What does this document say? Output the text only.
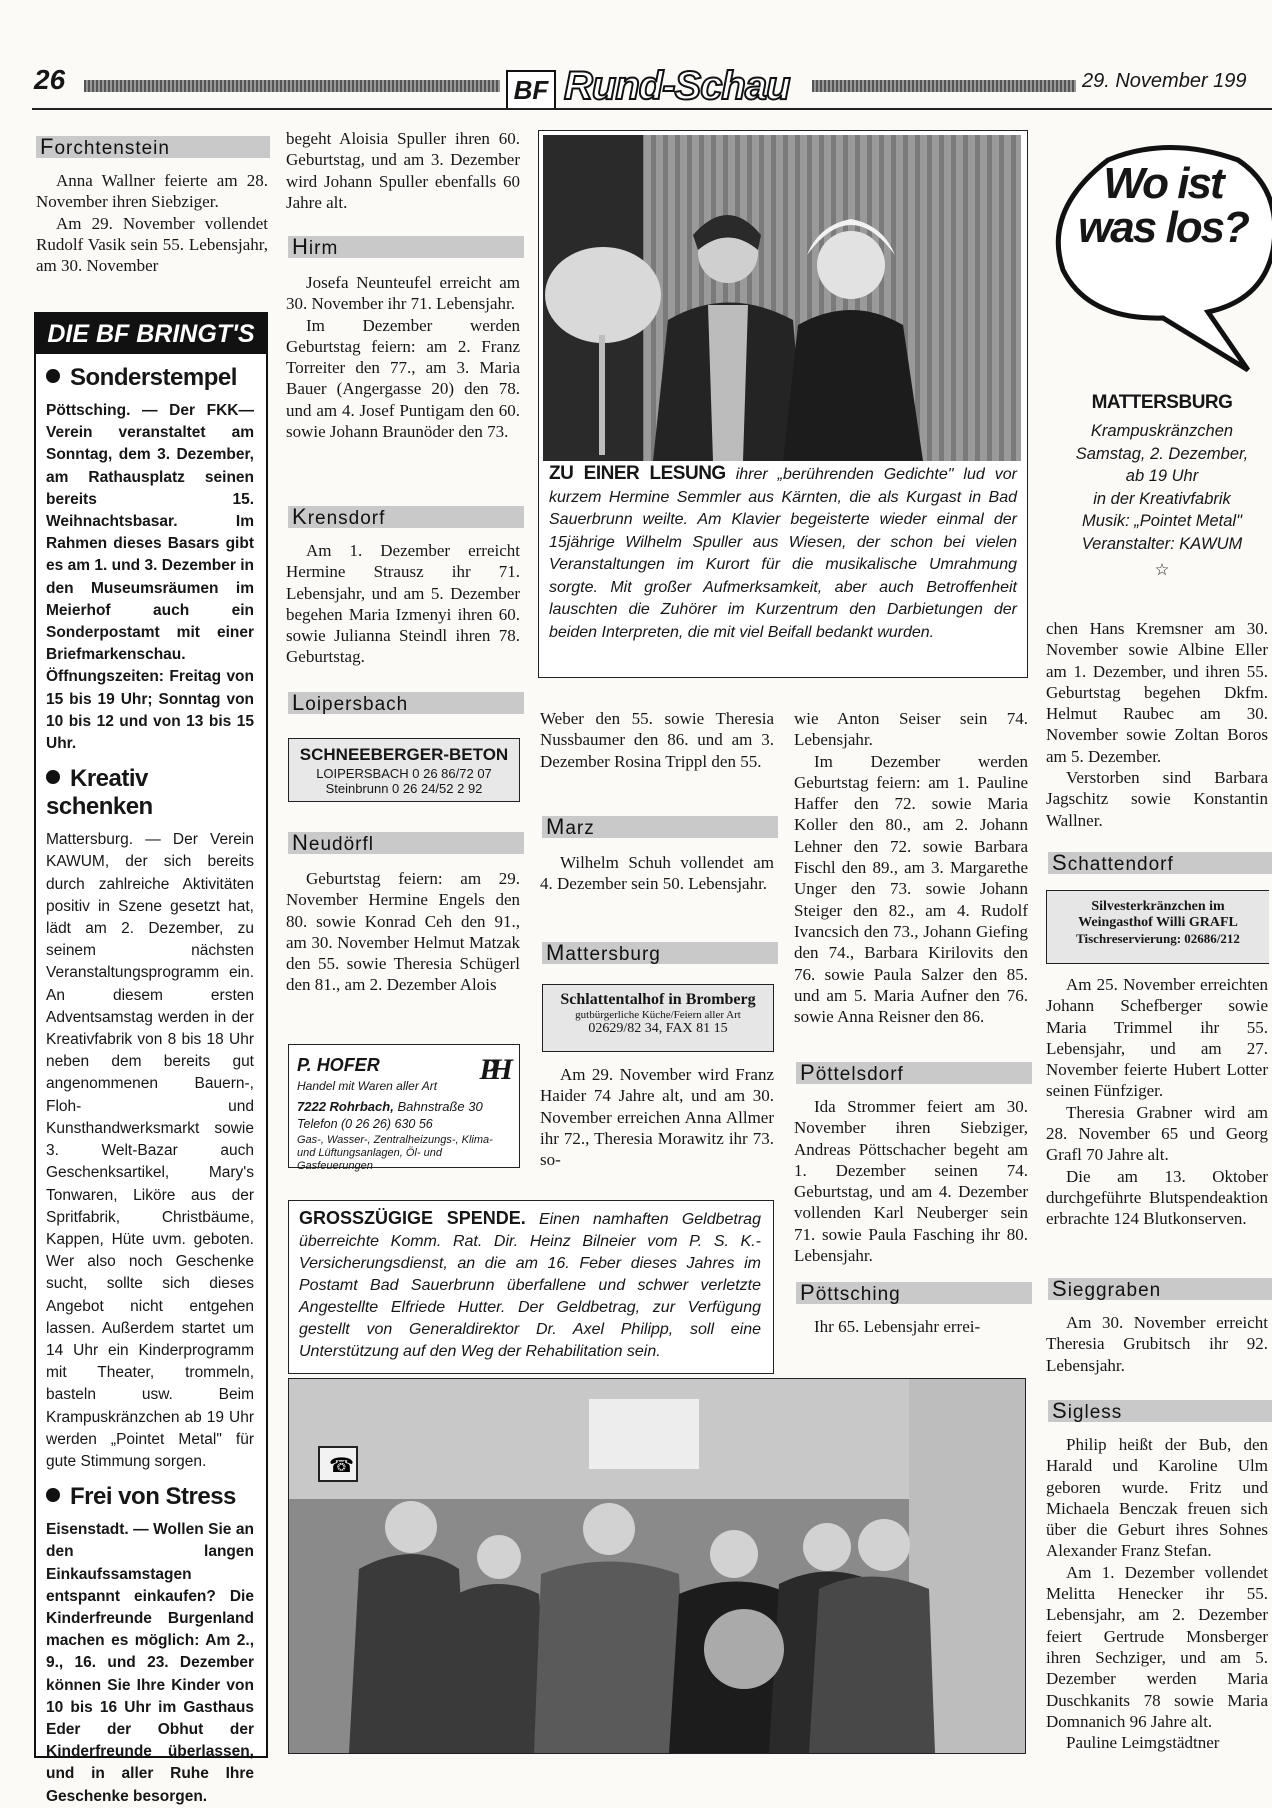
26	BF Rund-Schau	29. November 199
Forchtenstein

Anna Wallner feierte am 28. November ihren Siebziger.

Am 29. November vollendet Rudolf Vasik sein 55. Lebensjahr, am 30. November

DIE BF BRINGT'S
Sonderstempel

Pöttsching. — Der FKK—Verein veranstaltet am Sonntag, dem 3. Dezember, am Rathausplatz seinen bereits 15. Weihnachtsbasar. Im Rahmen dieses Basars gibt es am 1. und 3. Dezember in den Museumsräumen im Meierhof auch ein Sonderpostamt mit einer Briefmarkenschau. Öffnungszeiten: Freitag von 15 bis 19 Uhr; Sonntag von 10 bis 12 und von 13 bis 15 Uhr.

Kreativ schenken

Mattersburg. — Der Verein KAWUM, der sich bereits durch zahlreiche Aktivitäten positiv in Szene gesetzt hat, lädt am 2. Dezember, zu seinem nächsten Veranstaltungsprogramm ein. An diesem ersten Adventsamstag werden in der Kreativfabrik von 8 bis 18 Uhr neben dem bereits gut angenommenen Bauern-, Floh- und Kunsthandwerksmarkt sowie 3. Welt-Bazar auch Geschenksartikel, Mary's Tonwaren, Liköre aus der Spritfabrik, Christbäume, Kappen, Hüte uvm. geboten. Wer also noch Geschenke sucht, sollte sich dieses Angebot nicht entgehen lassen. Außerdem startet um 14 Uhr ein Kinderprogramm mit Theater, trommeln, basteln usw. Beim Krampuskränzchen ab 19 Uhr werden „Pointet Metal" für gute Stimmung sorgen.

Frei von Stress

Eisenstadt. — Wollen Sie an den langen Einkaufssamstagen entspannt einkaufen? Die Kinderfreunde Burgenland machen es möglich: Am 2., 9., 16. und 23. Dezember können Sie Ihre Kinder von 10 bis 16 Uhr im Gasthaus Eder der Obhut der Kinderfreunde überlassen, und in aller Ruhe Ihre Geschenke besorgen.

begeht Aloisia Spuller ihren 60. Geburtstag, und am 3. Dezember wird Johann Spuller ebenfalls 60 Jahre alt.

Hirm

Josefa Neunteufel erreicht am 30. November ihr 71. Lebensjahr.

Im Dezember werden Geburtstag feiern: am 2. Franz Torreiter den 77., am 3. Maria Bauer (Angergasse 20) den 78. und am 4. Josef Puntigam den 60. sowie Johann Braunöder den 73.

Krensdorf

Am 1. Dezember erreicht Hermine Strausz ihr 71. Lebensjahr, und am 5. Dezember begehen Maria Izmenyi ihren 60. sowie Julianna Steindl ihren 78. Geburtstag.

Loipersbach
SCHNEEBERGER-BETON
LOIPERSBACH 0 26 86/72 07
Steinbrunn 0 26 24/52 2 92
Neudörfl

Geburtstag feiern: am 29. November Hermine Engels den 80. sowie Konrad Ceh den 91., am 30. November Helmut Matzak den 55. sowie Theresia Schügerl den 81., am 2. Dezember Alois

P. HOFER	PH
Handel mit Waren aller Art
7222 Rohrbach, Bahnstraße 30
Telefon (0 26 26) 630 56
Gas-, Wasser-, Zentralheizungs-, Klima- und Lüftungsanlagen, Öl- und Gasfeuerungen
ZU EINER LESUNG ihrer „berührenden Gedichte" lud vor kurzem Hermine Semmler aus Kärnten, die als Kurgast in Bad Sauerbrunn weilte. Am Klavier begeisterte wieder einmal der 15jährige Wilhelm Spuller aus Wiesen, der schon bei vielen Veranstaltungen im Kurort für die musikalische Umrahmung sorgte. Mit großer Aufmerksamkeit, aber auch Betroffenheit lauschten die Zuhörer im Kurzentrum den Darbietungen der beiden Interpreten, die mit viel Beifall bedankt wurden.

Weber den 55. sowie Theresia Nussbaumer den 86. und am 3. Dezember Rosina Trippl den 55.

Marz

Wilhelm Schuh vollendet am 4. Dezember sein 50. Lebensjahr.

Mattersburg
Schlattentalhof in Bromberg
gutbürgerliche Küche/Feiern aller Art
02629/82 34, FAX 81 15

Am 29. November wird Franz Haider 74 Jahre alt, und am 30. November erreichen Anna Allmer ihr 72., Theresia Morawitz ihr 73. so-

wie Anton Seiser sein 74. Lebensjahr.

Im Dezember werden Geburtstag feiern: am 1. Pauline Haffer den 72. sowie Maria Koller den 80., am 2. Johann Lehner den 72. sowie Barbara Fischl den 89., am 3. Margarethe Unger den 73. sowie Johann Steiger den 82., am 4. Rudolf Ivancsich den 73., Johann Giefing den 74., Barbara Kirilovits den 76. sowie Paula Salzer den 85. und am 5. Maria Aufner den 76. sowie Anna Reisner den 86.

Pöttelsdorf

Ida Strommer feiert am 30. November ihren Siebziger, Andreas Pöttschacher begeht am 1. Dezember seinen 74. Geburtstag, und am 4. Dezember vollenden Karl Neuberger sein 71. sowie Paula Fasching ihr 80. Lebensjahr.

Pöttsching

Ihr 65. Lebensjahr errei-

GROSSZÜGIGE SPENDE. Einen namhaften Geldbetrag überreichte Komm. Rat. Dir. Heinz Bilneier vom P. S. K.-Versicherungsdienst, an die am 16. Feber dieses Jahres im Postamt Bad Sauerbrunn überfallene und schwer verletzte Angestellte Elfriede Hutter. Der Geldbetrag, zur Verfügung gestellt von Generaldirektor Dr. Axel Philipp, soll eine Unterstützung auf den Weg der Rehabilitation sein.
☎
Wo ist was los?
MATTERSBURG
Krampuskränzchen
Samstag, 2. Dezember,
ab 19 Uhr
in der Kreativfabrik
Musik: „Pointet Metal"
Veranstalter: KAWUM
☆

chen Hans Kremsner am 30. November sowie Albine Eller am 1. Dezember, und ihren 55. Geburtstag begehen Dkfm. Helmut Raubec am 30. November sowie Zoltan Boros am 5. Dezember.

Verstorben sind Barbara Jagschitz sowie Konstantin Wallner.

Schattendorf
Silvesterkränzchen im
Weingasthof Willi GRAFL
Tischreservierung: 02686/212

Am 25. November erreichten Johann Schefberger sowie Maria Trimmel ihr 55. Lebensjahr, und am 27. November feierte Hubert Lotter seinen Fünfziger.

Theresia Grabner wird am 28. November 65 und Georg Grafl 70 Jahre alt.

Die am 13. Oktober durchgeführte Blutspendeaktion erbrachte 124 Blutkonserven.

Sieggraben

Am 30. November erreicht Theresia Grubitsch ihr 92. Lebensjahr.

Sigless

Philip heißt der Bub, den Harald und Karoline Ulm geboren wurde. Fritz und Michaela Benczak freuen sich über die Geburt ihres Sohnes Alexander Franz Stefan.

Am 1. Dezember vollendet Melitta Henecker ihr 55. Lebensjahr, am 2. Dezember feiert Gertrude Monsberger ihren Sechziger, und am 5. Dezember werden Maria Duschkanits 78 sowie Maria Domnanich 96 Jahre alt.

Pauline Leimgstädtner
